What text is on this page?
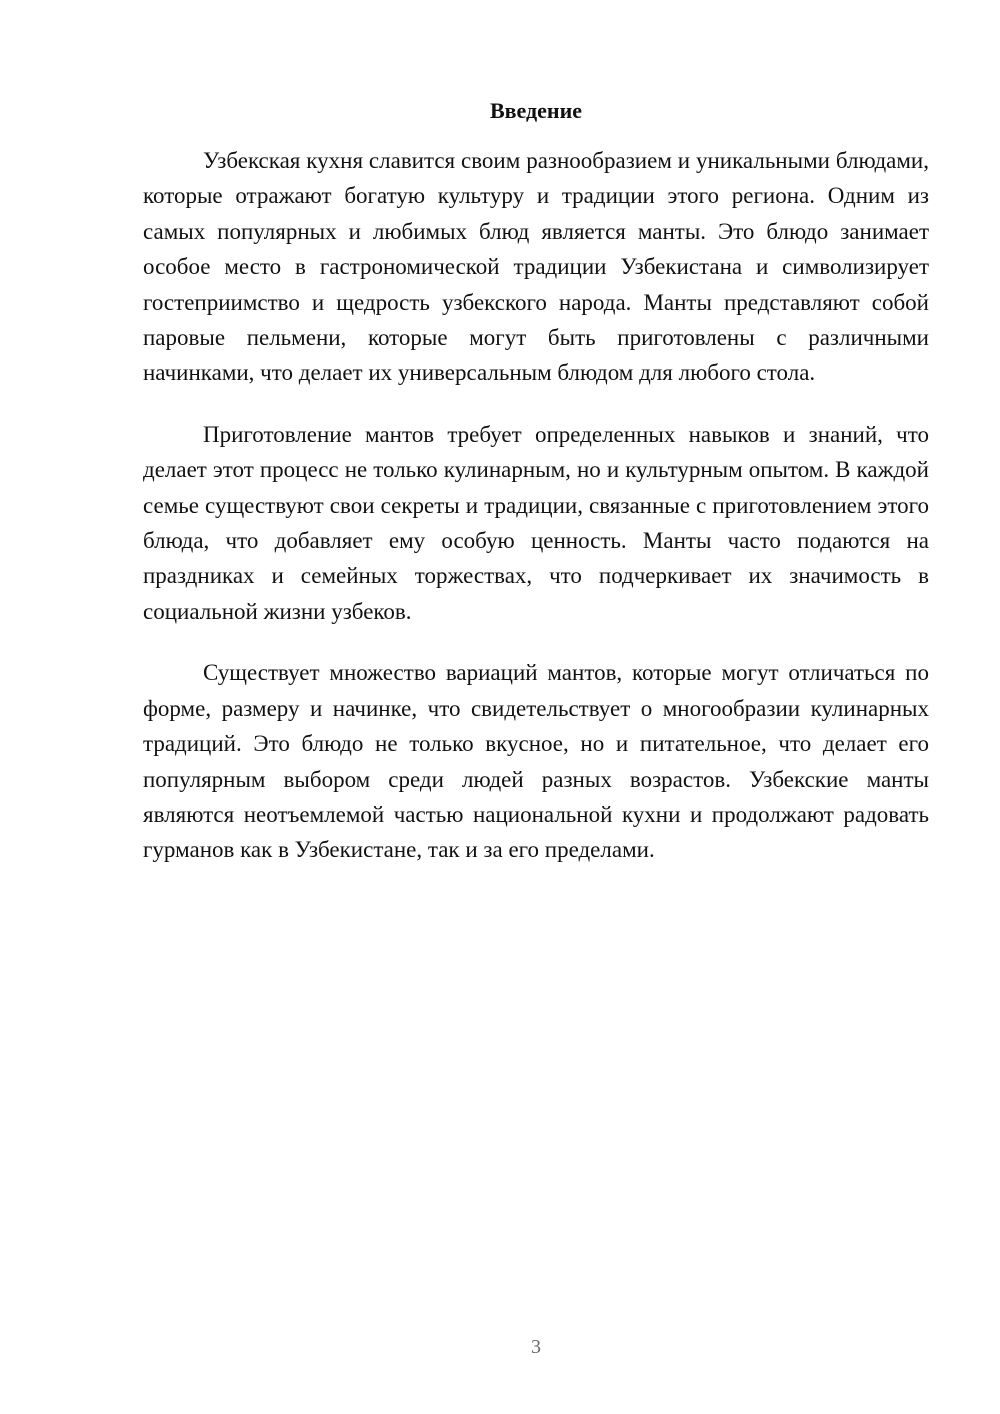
Введение

Узбекская кухня славится своим разнообразием и уникальными блюдами, которые отражают богатую культуру и традиции этого региона. Одним из самых популярных и любимых блюд является манты. Это блюдо занимает особое место в гастрономической традиции Узбекистана и символизирует гостеприимство и щедрость узбекского народа. Манты представляют собой паровые пельмени, которые могут быть приготовлены с различными начинками, что делает их универсальным блюдом для любого стола.

Приготовление мантов требует определенных навыков и знаний, что делает этот процесс не только кулинарным, но и культурным опытом. В каждой семье существуют свои секреты и традиции, связанные с приготовлением этого блюда, что добавляет ему особую ценность. Манты часто подаются на праздниках и семейных торжествах, что подчеркивает их значимость в социальной жизни узбеков.

Существует множество вариаций мантов, которые могут отличаться по форме, размеру и начинке, что свидетельствует о многообразии кулинарных традиций. Это блюдо не только вкусное, но и питательное, что делает его популярным выбором среди людей разных возрастов. Узбекские манты являются неотъемлемой частью национальной кухни и продолжают радовать гурманов как в Узбекистане, так и за его пределами.

3
